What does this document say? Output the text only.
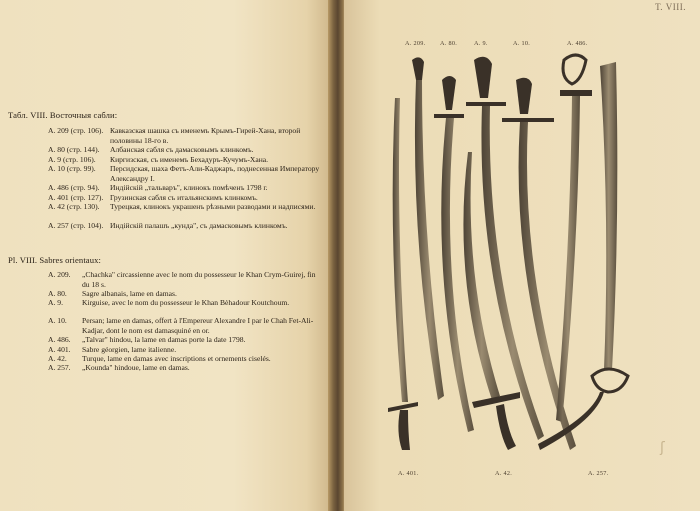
Табл. VIII. Восточныя сабли:
А. 209 (стр. 106). Кавказская шашка съ именемъ Крымъ-Гирей-Хана, второй половины 18-го в.
А. 80 (стр. 144).	Албанская сабля съ дамасковымъ клинкомъ.
А. 9 (стр. 106).	Киргизская, съ именемъ Бехадуръ-Кучумъ-Хана.
А. 10 (стр. 99).	Персидская, шаха Фетъ-Али-Каджаръ, поднесенная Императору Александру I.
А. 486 (стр. 94).	Индійскій „тальваръ", клинокъ помѣченъ 1798 г.
А. 401 (стр. 127). Грузинская сабля съ итальянскимъ клинкомъ.
А. 42 (стр. 130).	Турецкая, клинокъ украшенъ рѣзными разводами и надписями.
А. 257 (стр. 104). Индійскій палашъ „кунда", съ дамасковымъ клинкомъ.
Pl. VIII. Sabres orientaux:
A. 209.	„Chachka" circassienne avec le nom du possesseur le Khan Crym-Guirej, fin du 18 s.
A. 80.	Sagre albanais, lame en damas.
A. 9.	Kirguise, avec le nom du possesseur le Khan Bèhadour Koutchoum.
A. 10.	Persan; lame en damas, offert à l'Empereur Alexandre I par le Chah Fet-Ali-Kadjar, dont le nom est damasquiné en or.
A. 486.	„Talvar" hindou, la lame en damas porte la date 1798.
A. 401.	Sabre géorgien, lame italienne.
A. 42.	Turque, lame en damas avec inscriptions et ornements ciselés.
A. 257.	„Kounda" hindoue, lame en damas.
Т. VIII.
А. 209. А. 80.	А. 9.	А. 10.	А. 486.
А. 401.	А. 42.	А. 257.
ʃ
